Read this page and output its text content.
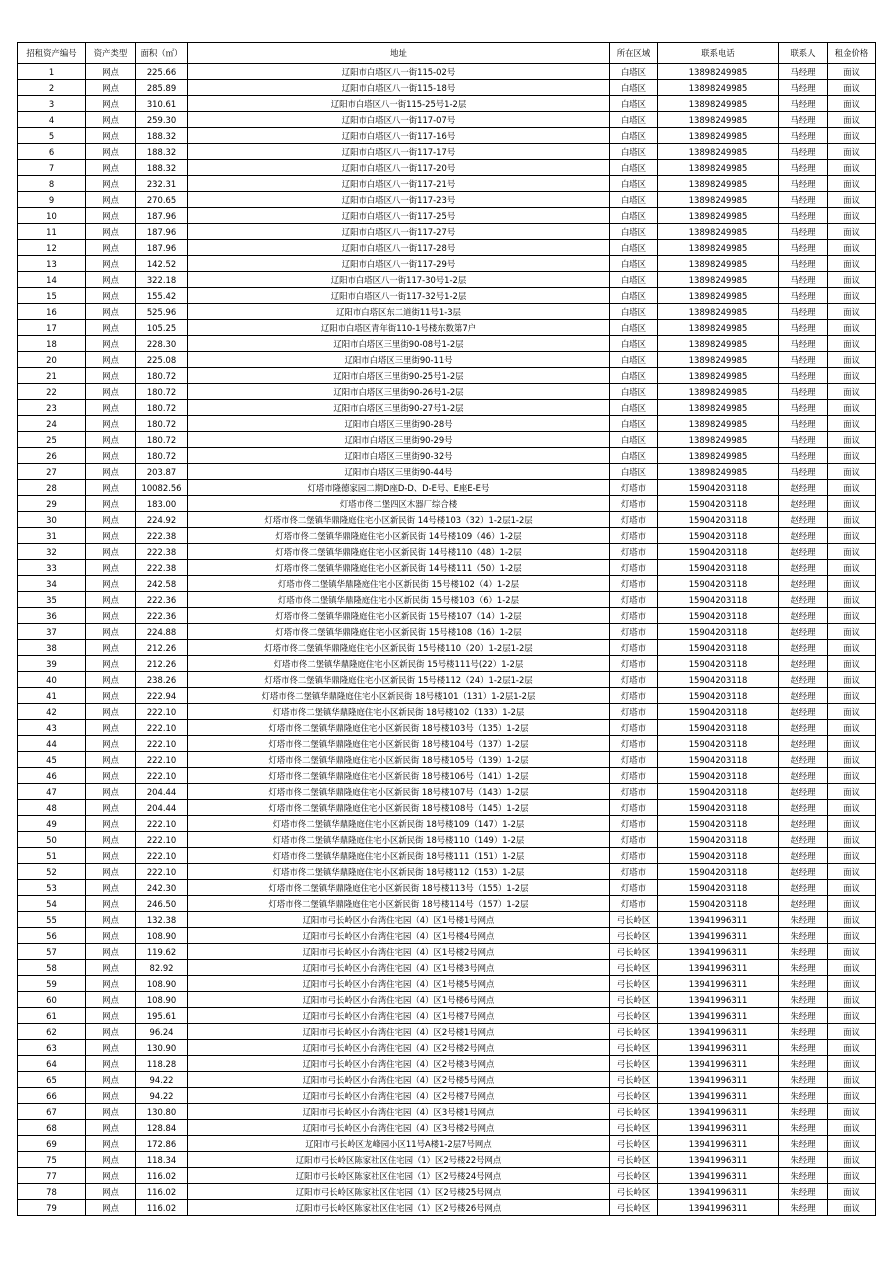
招租资产编号	资产类型	面积（㎡）	地址	所在区域	联系电话	联系人	租金价格
1	网点	225.66	辽阳市白塔区八一街115-02号	白塔区	13898249985	马经理	面议
2	网点	285.89	辽阳市白塔区八一街115-18号	白塔区	13898249985	马经理	面议
3	网点	310.61	辽阳市白塔区八一街115-25号1-2层	白塔区	13898249985	马经理	面议
4	网点	259.30	辽阳市白塔区八一街117-07号	白塔区	13898249985	马经理	面议
5	网点	188.32	辽阳市白塔区八一街117-16号	白塔区	13898249985	马经理	面议
6	网点	188.32	辽阳市白塔区八一街117-17号	白塔区	13898249985	马经理	面议
7	网点	188.32	辽阳市白塔区八一街117-20号	白塔区	13898249985	马经理	面议
8	网点	232.31	辽阳市白塔区八一街117-21号	白塔区	13898249985	马经理	面议
9	网点	270.65	辽阳市白塔区八一街117-23号	白塔区	13898249985	马经理	面议
10	网点	187.96	辽阳市白塔区八一街117-25号	白塔区	13898249985	马经理	面议
11	网点	187.96	辽阳市白塔区八一街117-27号	白塔区	13898249985	马经理	面议
12	网点	187.96	辽阳市白塔区八一街117-28号	白塔区	13898249985	马经理	面议
13	网点	142.52	辽阳市白塔区八一街117-29号	白塔区	13898249985	马经理	面议
14	网点	322.18	辽阳市白塔区八一街117-30号1-2层	白塔区	13898249985	马经理	面议
15	网点	155.42	辽阳市白塔区八一街117-32号1-2层	白塔区	13898249985	马经理	面议
16	网点	525.96	辽阳市白塔区东二道街11号1-3层	白塔区	13898249985	马经理	面议
17	网点	105.25	辽阳市白塔区青年街110-1号楼东数第7户	白塔区	13898249985	马经理	面议
18	网点	228.30	辽阳市白塔区三里街90-08号1-2层	白塔区	13898249985	马经理	面议
20	网点	225.08	辽阳市白塔区三里街90-11号	白塔区	13898249985	马经理	面议
21	网点	180.72	辽阳市白塔区三里街90-25号1-2层	白塔区	13898249985	马经理	面议
22	网点	180.72	辽阳市白塔区三里街90-26号1-2层	白塔区	13898249985	马经理	面议
23	网点	180.72	辽阳市白塔区三里街90-27号1-2层	白塔区	13898249985	马经理	面议
24	网点	180.72	辽阳市白塔区三里街90-28号	白塔区	13898249985	马经理	面议
25	网点	180.72	辽阳市白塔区三里街90-29号	白塔区	13898249985	马经理	面议
26	网点	180.72	辽阳市白塔区三里街90-32号	白塔区	13898249985	马经理	面议
27	网点	203.87	辽阳市白塔区三里街90-44号	白塔区	13898249985	马经理	面议
28	网点	10082.56	灯塔市隆德家园二期D座D-D、D-E号、E座E-E号	灯塔市	15904203118	赵经理	面议
29	网点	183.00	灯塔市佟二堡四区木器厂综合楼	灯塔市	15904203118	赵经理	面议
30	网点	224.92	灯塔市佟二堡镇华鼎隆庭住宅小区新民街 14号楼103（32）1-2层1-2层	灯塔市	15904203118	赵经理	面议
31	网点	222.38	灯塔市佟二堡镇华鼎隆庭住宅小区新民街 14号楼109（46）1-2层	灯塔市	15904203118	赵经理	面议
32	网点	222.38	灯塔市佟二堡镇华鼎隆庭住宅小区新民街 14号楼110（48）1-2层	灯塔市	15904203118	赵经理	面议
33	网点	222.38	灯塔市佟二堡镇华鼎隆庭住宅小区新民街 14号楼111（50）1-2层	灯塔市	15904203118	赵经理	面议
34	网点	242.58	灯塔市佟二堡镇华鼎隆庭住宅小区新民街 15号楼102（4）1-2层	灯塔市	15904203118	赵经理	面议
35	网点	222.36	灯塔市佟二堡镇华鼎隆庭住宅小区新民街 15号楼103（6）1-2层	灯塔市	15904203118	赵经理	面议
36	网点	222.36	灯塔市佟二堡镇华鼎隆庭住宅小区新民街 15号楼107（14）1-2层	灯塔市	15904203118	赵经理	面议
37	网点	224.88	灯塔市佟二堡镇华鼎隆庭住宅小区新民街 15号楼108（16）1-2层	灯塔市	15904203118	赵经理	面议
38	网点	212.26	灯塔市佟二堡镇华鼎隆庭住宅小区新民街 15号楼110（20）1-2层1-2层	灯塔市	15904203118	赵经理	面议
39	网点	212.26	灯塔市佟二堡镇华鼎隆庭住宅小区新民街 15号楼111号(22）1-2层	灯塔市	15904203118	赵经理	面议
40	网点	238.26	灯塔市佟二堡镇华鼎隆庭住宅小区新民街 15号楼112（24）1-2层1-2层	灯塔市	15904203118	赵经理	面议
41	网点	222.94	灯塔市佟二堡镇华鼎隆庭住宅小区新民街 18号楼101（131）1-2层1-2层	灯塔市	15904203118	赵经理	面议
42	网点	222.10	灯塔市佟二堡镇华鼎隆庭住宅小区新民街 18号楼102（133）1-2层	灯塔市	15904203118	赵经理	面议
43	网点	222.10	灯塔市佟二堡镇华鼎隆庭住宅小区新民街 18号楼103号（135）1-2层	灯塔市	15904203118	赵经理	面议
44	网点	222.10	灯塔市佟二堡镇华鼎隆庭住宅小区新民街 18号楼104号（137）1-2层	灯塔市	15904203118	赵经理	面议
45	网点	222.10	灯塔市佟二堡镇华鼎隆庭住宅小区新民街 18号楼105号（139）1-2层	灯塔市	15904203118	赵经理	面议
46	网点	222.10	灯塔市佟二堡镇华鼎隆庭住宅小区新民街 18号楼106号（141）1-2层	灯塔市	15904203118	赵经理	面议
47	网点	204.44	灯塔市佟二堡镇华鼎隆庭住宅小区新民街 18号楼107号（143）1-2层	灯塔市	15904203118	赵经理	面议
48	网点	204.44	灯塔市佟二堡镇华鼎隆庭住宅小区新民街 18号楼108号（145）1-2层	灯塔市	15904203118	赵经理	面议
49	网点	222.10	灯塔市佟二堡镇华鼎隆庭住宅小区新民街 18号楼109（147）1-2层	灯塔市	15904203118	赵经理	面议
50	网点	222.10	灯塔市佟二堡镇华鼎隆庭住宅小区新民街 18号楼110（149）1-2层	灯塔市	15904203118	赵经理	面议
51	网点	222.10	灯塔市佟二堡镇华鼎隆庭住宅小区新民街 18号楼111（151）1-2层	灯塔市	15904203118	赵经理	面议
52	网点	222.10	灯塔市佟二堡镇华鼎隆庭住宅小区新民街 18号楼112（153）1-2层	灯塔市	15904203118	赵经理	面议
53	网点	242.30	灯塔市佟二堡镇华鼎隆庭住宅小区新民街 18号楼113号（155）1-2层	灯塔市	15904203118	赵经理	面议
54	网点	246.50	灯塔市佟二堡镇华鼎隆庭住宅小区新民街 18号楼114号（157）1-2层	灯塔市	15904203118	赵经理	面议
55	网点	132.38	辽阳市弓长岭区小台湾住宅园（4）区1号楼1号网点	弓长岭区	13941996311	朱经理	面议
56	网点	108.90	辽阳市弓长岭区小台湾住宅园（4）区1号楼4号网点	弓长岭区	13941996311	朱经理	面议
57	网点	119.62	辽阳市弓长岭区小台湾住宅园（4）区1号楼2号网点	弓长岭区	13941996311	朱经理	面议
58	网点	82.92	辽阳市弓长岭区小台湾住宅园（4）区1号楼3号网点	弓长岭区	13941996311	朱经理	面议
59	网点	108.90	辽阳市弓长岭区小台湾住宅园（4）区1号楼5号网点	弓长岭区	13941996311	朱经理	面议
60	网点	108.90	辽阳市弓长岭区小台湾住宅园（4）区1号楼6号网点	弓长岭区	13941996311	朱经理	面议
61	网点	195.61	辽阳市弓长岭区小台湾住宅园（4）区1号楼7号网点	弓长岭区	13941996311	朱经理	面议
62	网点	96.24	辽阳市弓长岭区小台湾住宅园（4）区2号楼1号网点	弓长岭区	13941996311	朱经理	面议
63	网点	130.90	辽阳市弓长岭区小台湾住宅园（4）区2号楼2号网点	弓长岭区	13941996311	朱经理	面议
64	网点	118.28	辽阳市弓长岭区小台湾住宅园（4）区2号楼3号网点	弓长岭区	13941996311	朱经理	面议
65	网点	94.22	辽阳市弓长岭区小台湾住宅园（4）区2号楼5号网点	弓长岭区	13941996311	朱经理	面议
66	网点	94.22	辽阳市弓长岭区小台湾住宅园（4）区2号楼7号网点	弓长岭区	13941996311	朱经理	面议
67	网点	130.80	辽阳市弓长岭区小台湾住宅园（4）区3号楼1号网点	弓长岭区	13941996311	朱经理	面议
68	网点	128.84	辽阳市弓长岭区小台湾住宅园（4）区3号楼2号网点	弓长岭区	13941996311	朱经理	面议
69	网点	172.86	辽阳市弓长岭区龙峰园小区11号A楼1-2层7号网点	弓长岭区	13941996311	朱经理	面议
75	网点	118.34	辽阳市弓长岭区陈家社区住宅园（1）区2号楼22号网点	弓长岭区	13941996311	朱经理	面议
77	网点	116.02	辽阳市弓长岭区陈家社区住宅园（1）区2号楼24号网点	弓长岭区	13941996311	朱经理	面议
78	网点	116.02	辽阳市弓长岭区陈家社区住宅园（1）区2号楼25号网点	弓长岭区	13941996311	朱经理	面议
79	网点	116.02	辽阳市弓长岭区陈家社区住宅园（1）区2号楼26号网点	弓长岭区	13941996311	朱经理	面议
